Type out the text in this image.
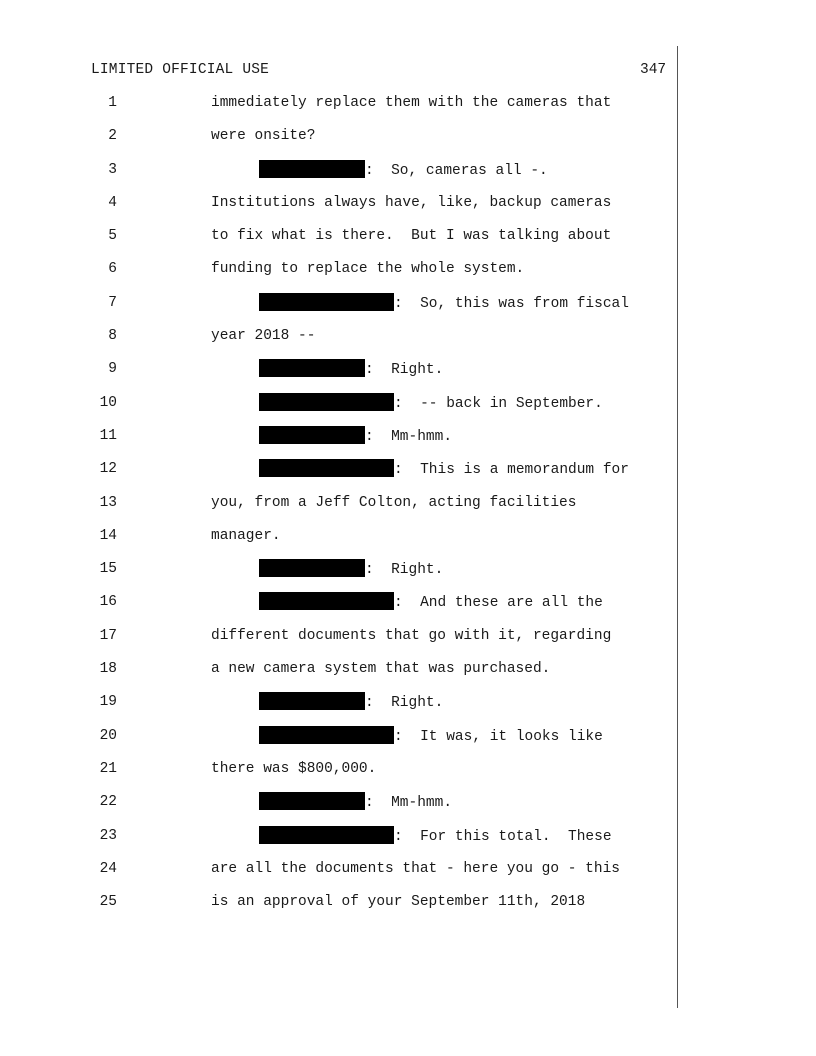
LIMITED OFFICIAL USE	347
1	immediately replace them with the cameras that
2	were onsite?
3	:  So, cameras all -.
4	Institutions always have, like, backup cameras
5	to fix what is there.  But I was talking about
6	funding to replace the whole system.
7	:  So, this was from fiscal
8	year 2018 --
9	:  Right.
10	:  -- back in September.
11	:  Mm-hmm.
12	:  This is a memorandum for
13	you, from a Jeff Colton, acting facilities
14	manager.
15	:  Right.
16	:  And these are all the
17	different documents that go with it, regarding
18	a new camera system that was purchased.
19	:  Right.
20	:  It was, it looks like
21	there was $800,000.
22	:  Mm-hmm.
23	:  For this total.  These
24	are all the documents that - here you go - this
25	is an approval of your September 11th, 2018
